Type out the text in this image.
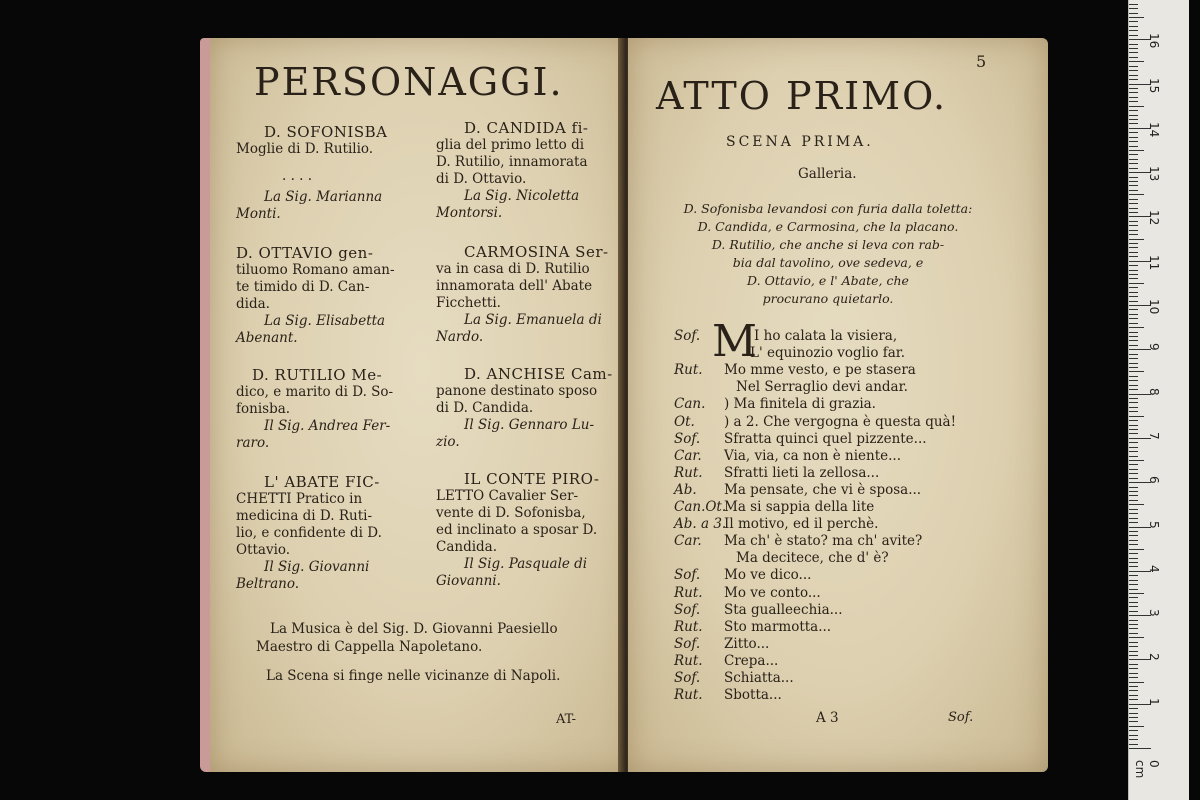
PERSONAGGI.
D. SOFONISBA
Moglie di D. Rutilio.
. . . .
La Sig. Marianna
Monti.
D. OTTAVIO gen-
tiluomo Romano aman-
te timido di D. Can-
dida.
La Sig. Elisabetta
Abenant.
D. RUTILIO Me-
dico, e marito di D. So-
fonisba.
Il Sig. Andrea Fer-
raro.
L' ABATE FIC-
CHETTI Pratico in
medicina di D. Ruti-
lio, e confidente di D.
Ottavio.
Il Sig. Giovanni
Beltrano.
D. CANDIDA fi-
glia del primo letto di
D. Rutilio, innamorata
di D. Ottavio.
La Sig. Nicoletta
Montorsi.
CARMOSINA Ser-
va in casa di D. Rutilio
innamorata dell' Abate
Ficchetti.
La Sig. Emanuela di
Nardo.
D. ANCHISE Cam-
panone destinato sposo
di D. Candida.
Il Sig. Gennaro Lu-
zio.
IL CONTE PIRO-
LETTO Cavalier Ser-
vente di D. Sofonisba,
ed inclinato a sposar D.
Candida.
Il Sig. Pasquale di
Giovanni.
La Musica è del Sig. D. Giovanni Paesiello
Maestro di Cappella Napoletano.
La Scena si finge nelle vicinanze di Napoli.
AT-
5
ATTO PRIMO.
SCENA PRIMA.
Galleria.
D. Sofonisba levandosi con furia dalla toletta:
D. Candida, e Carmosina, che la placano.
D. Rutilio, che anche si leva con rab-
bia dal tavolino, ove sedeva, e
D. Ottavio, e l' Abate, che
procurano quietarlo.
M
Sof.	I ho calata la visiera,
L' equinozio voglio far.
Rut. Mo mme vesto, e pe stasera
Nel Serraglio devi andar.
Can. ) Ma finitela di grazia.
Ot. ) a 2. Che vergogna è questa quà!
Sof. Sfratta quinci quel pizzente...
Car. Via, via, ca non è niente...
Rut. Sfratti lieti la zellosa...
Ab. Ma pensate, che vi è sposa...
Can.Ot.Ma si sappia della lite
Ab. a 3.Il motivo, ed il perchè.
Car. Ma ch' è stato? ma ch' avite?
Ma decitece, che d' è?
Sof. Mo ve dico...
Rut. Mo ve conto...
Sof. Sta gualleechia...
Rut. Sto marmotta...
Sof. Zitto...
Rut. Crepa...
Sof. Schiatta...
Rut. Sbotta...
A 3	Sof.
0 cm
1
2
3
4
5
6
7
8
9
10
11
12
13
14
15
16
